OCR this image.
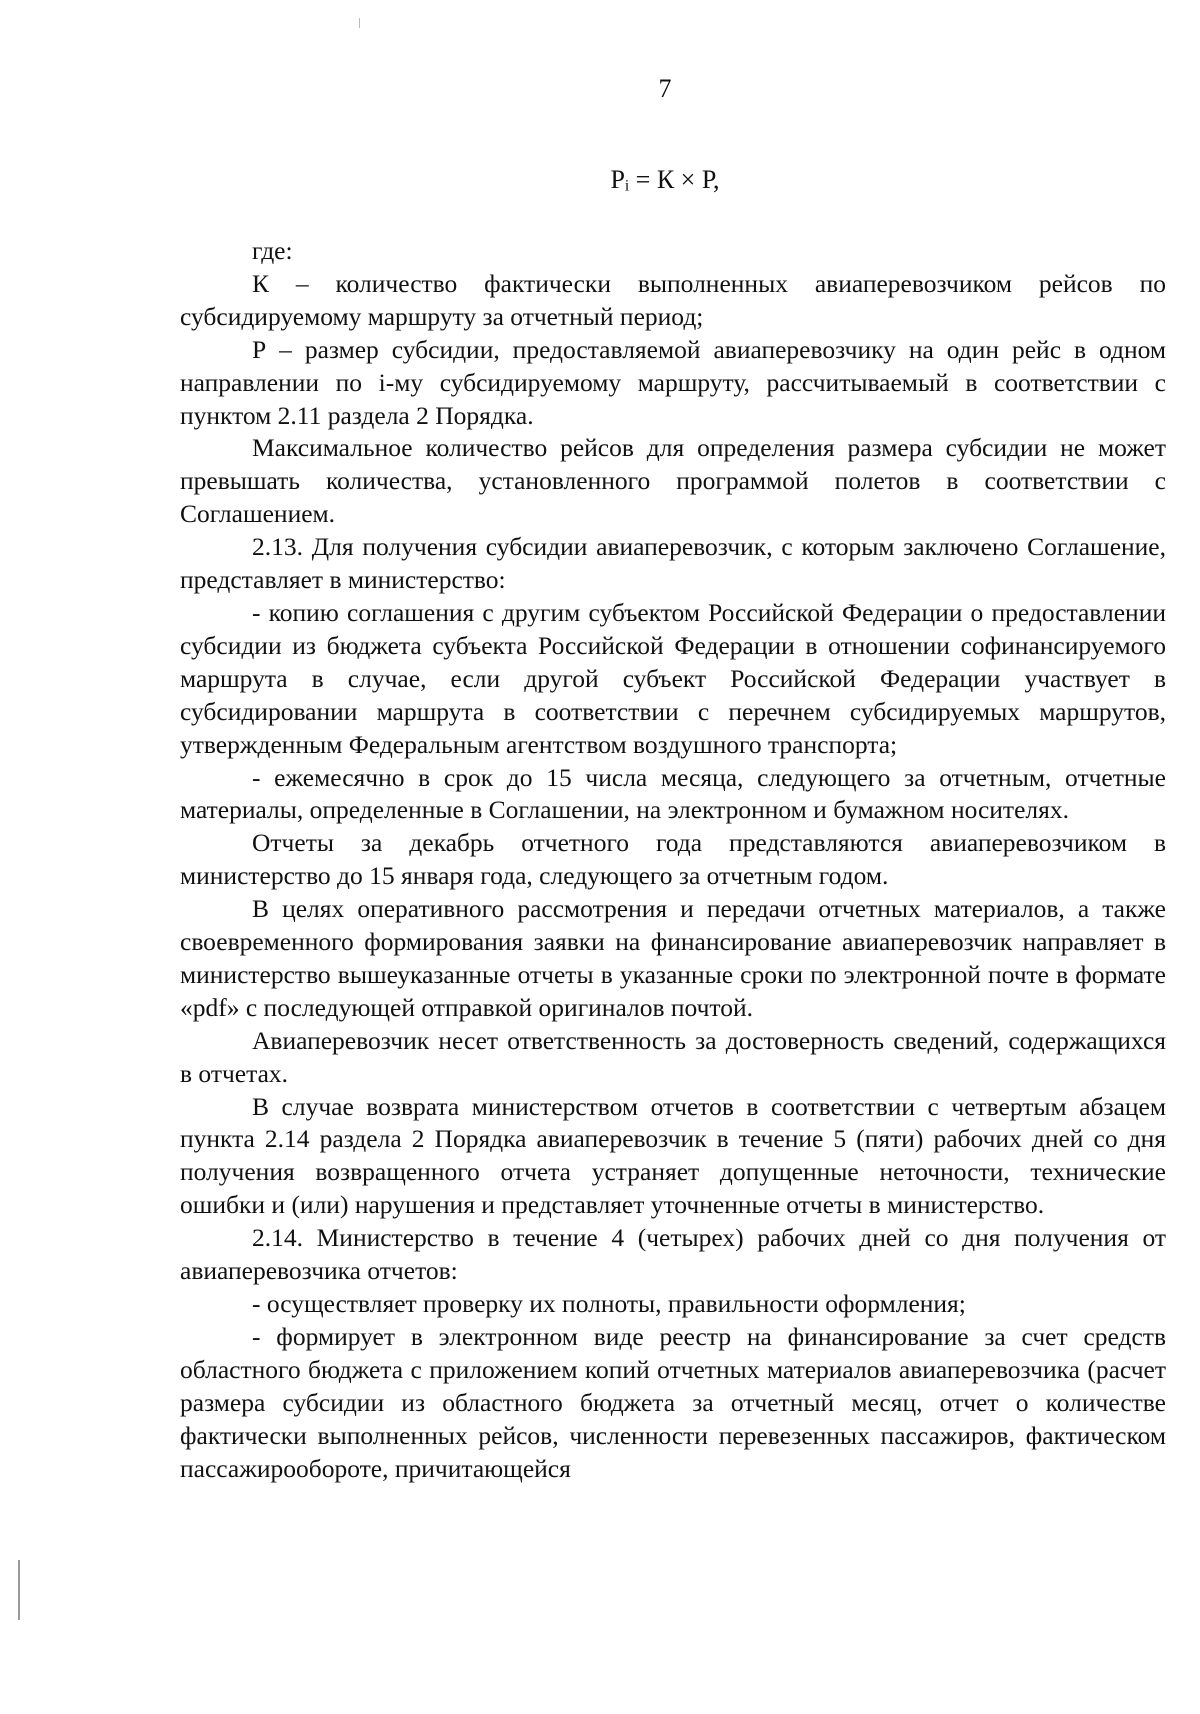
7
Pᵢ = К × Р,

где:

К – количество фактически выполненных авиаперевозчиком рейсов по субсидируемому маршруту за отчетный период;

Р – размер субсидии, предоставляемой авиаперевозчику на один рейс в одном направлении по i-му субсидируемому маршруту, рассчитываемый в соответствии с пунктом 2.11 раздела 2 Порядка.

Максимальное количество рейсов для определения размера субсидии не может превышать количества, установленного программой полетов в соответствии с Соглашением.

2.13. Для получения субсидии авиаперевозчик, с которым заключено Соглашение, представляет в министерство:

- копию соглашения с другим субъектом Российской Федерации о предоставлении субсидии из бюджета субъекта Российской Федерации в отношении софинансируемого маршрута в случае, если другой субъект Российской Федерации участвует в субсидировании маршрута в соответствии с перечнем субсидируемых маршрутов, утвержденным Федеральным агентством воздушного транспорта;

- ежемесячно в срок до 15 числа месяца, следующего за отчетным, отчетные материалы, определенные в Соглашении, на электронном и бумажном носителях.

Отчеты за декабрь отчетного года представляются авиаперевозчиком в министерство до 15 января года, следующего за отчетным годом.

В целях оперативного рассмотрения и передачи отчетных материалов, а также своевременного формирования заявки на финансирование авиаперевозчик направляет в министерство вышеуказанные отчеты в указанные сроки по электронной почте в формате «pdf» с последующей отправкой оригиналов почтой.

Авиаперевозчик несет ответственность за достоверность сведений, содержащихся в отчетах.

В случае возврата министерством отчетов в соответствии с четвертым абзацем пункта 2.14 раздела 2 Порядка авиаперевозчик в течение 5 (пяти) рабочих дней со дня получения возвращенного отчета устраняет допущенные неточности, технические ошибки и (или) нарушения и представляет уточненные отчеты в министерство.

2.14. Министерство в течение 4 (четырех) рабочих дней со дня получения от авиаперевозчика отчетов:

- осуществляет проверку их полноты, правильности оформления;

- формирует в электронном виде реестр на финансирование за счет средств областного бюджета с приложением копий отчетных материалов авиаперевозчика (расчет размера субсидии из областного бюджета за отчетный месяц, отчет о количестве фактически выполненных рейсов, численности перевезенных пассажиров, фактическом пассажирообороте, причитающейся
